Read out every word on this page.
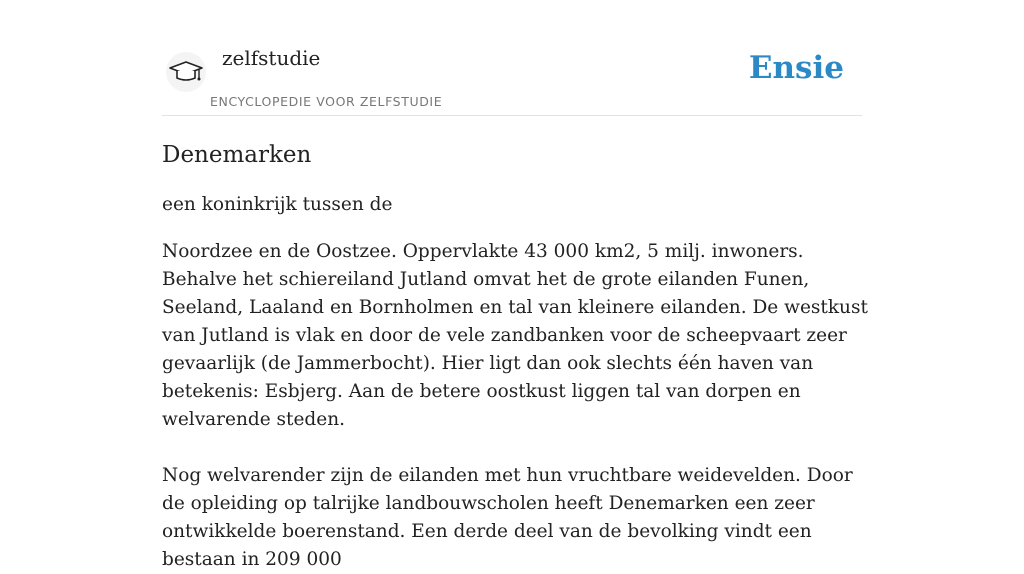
zelfstudie
ENCYCLOPEDIE VOOR ZELFSTUDIE
Ensie
Denemarken

een koninkrijk tussen de

Noordzee en de Oostzee. Oppervlakte 43 000 km2, 5 milj. inwoners. Behalve het schiereiland Jutland omvat het de grote eilanden Funen, Seeland, Laaland en Bornholmen en tal van kleinere eilanden. De westkust van Jutland is vlak en door de vele zandbanken voor de scheepvaart zeer gevaarlijk (de Jammerbocht). Hier ligt dan ook slechts één haven van betekenis: Esbjerg. Aan de betere oostkust liggen tal van dorpen en welvarende steden.

Nog welvarender zijn de eilanden met hun vruchtbare weidevelden. Door de opleiding op talrijke landbouwscholen heeft Denemarken een zeer ontwikkelde boerenstand. Een derde deel van de bevolking vindt een bestaan in 209 000
